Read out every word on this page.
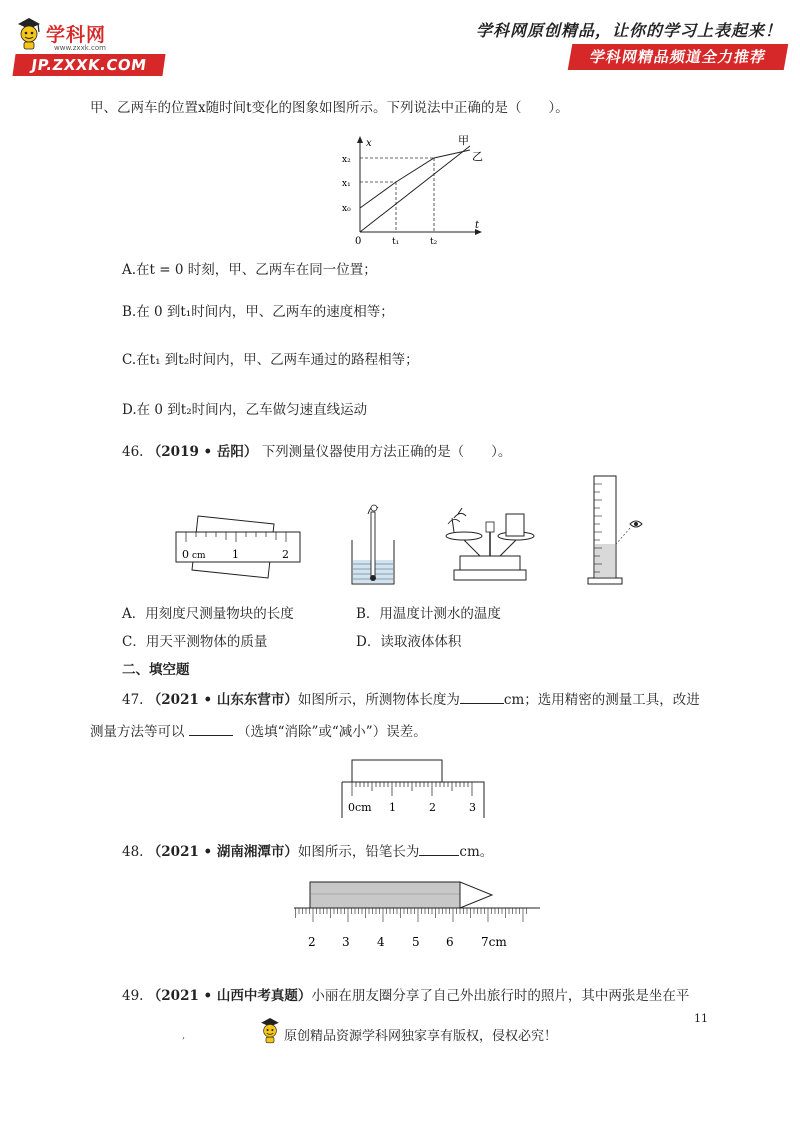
学科网
www.zxxk.com
JP.ZXXK.COM
学科网原创精品，让你的学习上表起来！
学科网精品频道全力推荐
甲、乙两车的位置x随时间t变化的图象如图所示。下列说法中正确的是（　　）。
x
t
x₂
x₁
x₀
0	t₁	t₂
甲
乙
A.在t = 0 时刻，甲、乙两车在同一位置；
B.在 0 到t₁时间内，甲、乙两车的速度相等；
C.在t₁ 到t₂时间内，甲、乙两车通过的路程相等；
D.在 0 到t₂时间内，乙车做匀速直线运动
46. （2019 • 岳阳） 下列测量仪器使用方法正确的是（　　）。
0 cm 1	2
A．用刻度尺测量物块的长度	B．用温度计测水的温度
C．用天平测物体的质量	D．读取液体体积
二、填空题
47. （2021 • 山东东营市）如图所示，所测物体长度为	cm；选用精密的测量工具，改进
测量方法等可以	（选填“消除”或“减小”）误差。
0cm 1	2	3
48. （2021 • 湖南湘潭市）如图所示，铅笔长为	cm。
2 3 4 5 6 7cm
49. （2021 • 山西中考真题）小丽在朋友圈分享了自己外出旅行时的照片，其中两张是坐在平
11
,	原创精品资源学科网独家享有版权，侵权必究！
